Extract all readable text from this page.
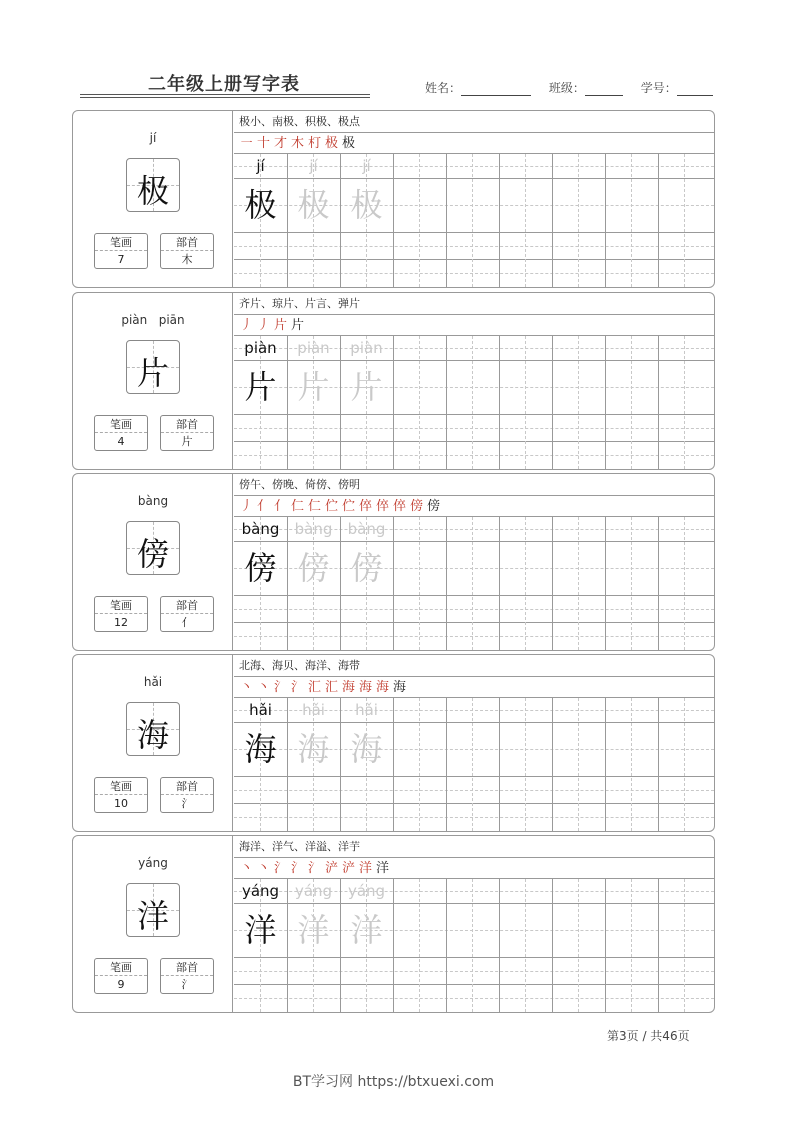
二年级上册写字表	姓名：	班级：	学号：
jí
极
笔画
7
部首
木
极小、南极、积极、极点
㇐ 十 才 木 朾 极 极
jí
极
jí
极
jí
极
piàn   piān
片
笔画
4
部首
片
齐片、琼片、片言、弹片
丿 丿 片 片
piàn
片
piàn
片
piàn
片
bàng
傍
笔画
12
部首
亻
傍午、傍晚、倚傍、傍明
丿 亻 亻 仁 仁 伫 伫 倅 倅 倅 傍 傍
bàng
傍
bàng
傍
bàng
傍
hǎi
海
笔画
10
部首
氵
北海、海贝、海洋、海带
丶 丶 氵 氵 汇 汇 海 海 海 海
hǎi
海
hǎi
海
hǎi
海
yáng
洋
笔画
9
部首
氵
海洋、洋气、洋溢、洋芋
丶 丶 氵 氵 氵 浐 浐 洋 洋
yáng
洋
yáng
洋
yáng
洋
第3页 / 共46页
BT学习网 https://btxuexi.com
